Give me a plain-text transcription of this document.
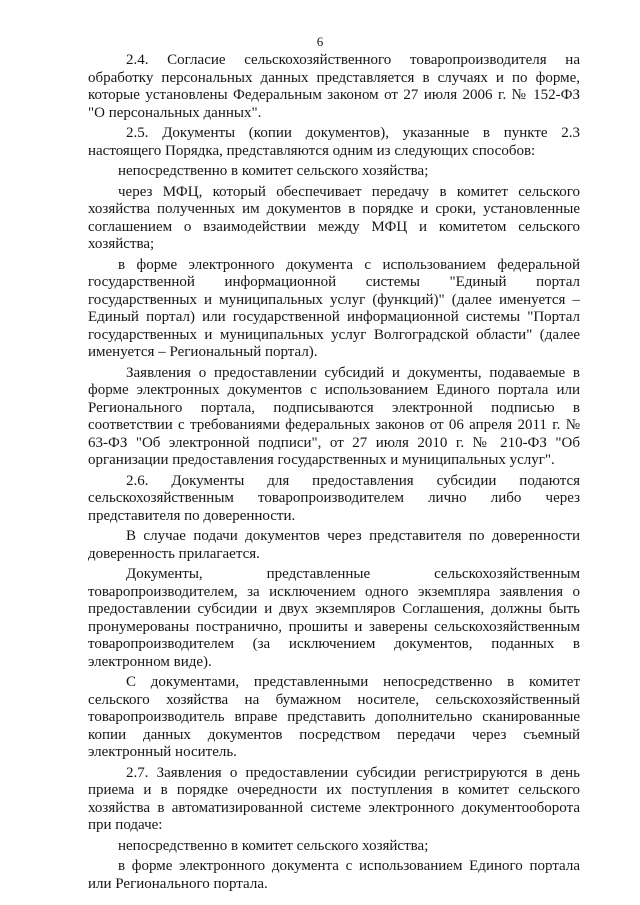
6

2.4. Согласие сельскохозяйственного товаропроизводителя на обработку персональных данных представляется в случаях и по форме, которые установлены Федеральным законом от 27 июля 2006 г. № 152-ФЗ "О персональных данных".

2.5. Документы (копии документов), указанные в пункте 2.3 настоящего Порядка, представляются одним из следующих способов:

непосредственно в комитет сельского хозяйства;

через МФЦ, который обеспечивает передачу в комитет сельского хозяйства полученных им документов в порядке и сроки, установленные соглашением о взаимодействии между МФЦ и комитетом сельского хозяйства;

в форме электронного документа с использованием федеральной государственной информационной системы "Единый портал государственных и муниципальных услуг (функций)" (далее именуется – Единый портал) или государственной информационной системы "Портал государственных и муниципальных услуг Волгоградской области" (далее именуется – Региональный портал).

Заявления о предоставлении субсидий и документы, подаваемые в форме электронных документов с использованием Единого портала или Регионального портала, подписываются электронной подписью в соответствии с требованиями федеральных законов от 06 апреля 2011 г. № 63-ФЗ "Об электронной подписи", от 27 июля 2010 г. № 210-ФЗ "Об организации предоставления государственных и муниципальных услуг".

2.6. Документы для предоставления субсидии подаются сельскохозяйственным товаропроизводителем лично либо через представителя по доверенности.

В случае подачи документов через представителя по доверенности доверенность прилагается.

Документы, представленные сельскохозяйственным товаропроизводителем, за исключением одного экземпляра заявления о предоставлении субсидии и двух экземпляров Соглашения, должны быть пронумерованы постранично, прошиты и заверены сельскохозяйственным товаропроизводителем (за исключением документов, поданных в электронном виде).

С документами, представленными непосредственно в комитет сельского хозяйства на бумажном носителе, сельскохозяйственный товаропроизводитель вправе представить дополнительно сканированные копии данных документов посредством передачи через съемный электронный носитель.

2.7. Заявления о предоставлении субсидии регистрируются в день приема и в порядке очередности их поступления в комитет сельского хозяйства в автоматизированной системе электронного документооборота при подаче:

непосредственно в комитет сельского хозяйства;

в форме электронного документа с использованием Единого портала или Регионального портала.
